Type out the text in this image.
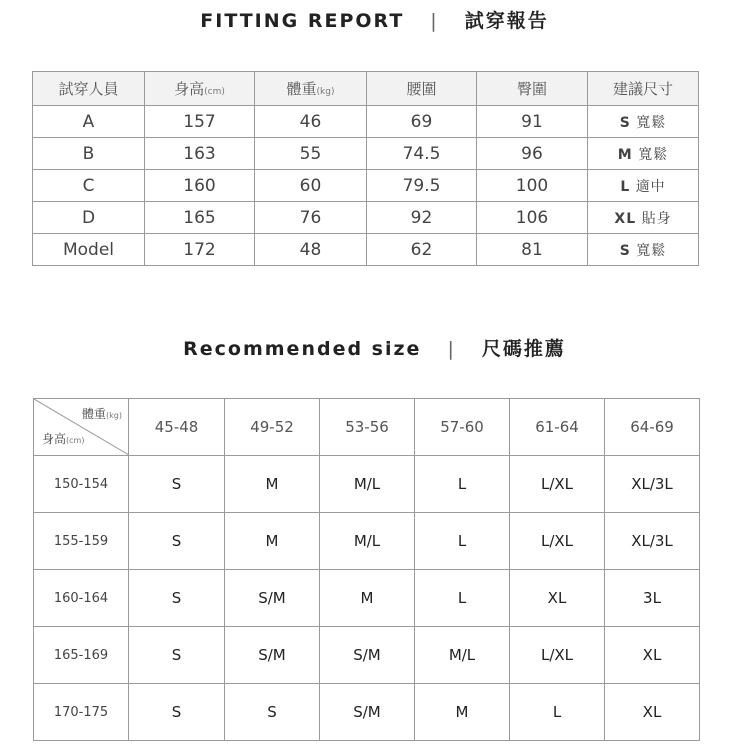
FITTING REPORT | 試穿報告
試穿人員	身高(cm)	體重(kg)	腰圍	臀圍	建議尺寸
A	157	46	69	91	S 寬鬆
B	163	55	74.5	96	M 寬鬆
C	160	60	79.5	100	L 適中
D	165	76	92	106	XL 貼身
Model	172	48	62	81	S 寬鬆
Recommended size | 尺碼推薦
體重(kg)
身高(cm)	45-48	49-52	53-56	57-60	61-64	64-69
150-154	S	M	M/L	L	L/XL	XL/3L
155-159	S	M	M/L	L	L/XL	XL/3L
160-164	S	S/M	M	L	XL	3L
165-169	S	S/M	S/M	M/L	L/XL	XL
170-175	S	S	S/M	M	L	XL
